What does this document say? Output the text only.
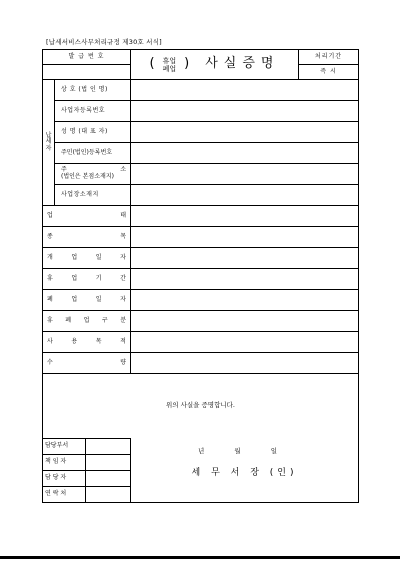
[납세서비스사무처리규정 제30호 서식]
발 급 번 호	
( 휴업
폐업 ) 사실증명
	처리기간
	즉 시
납
세
자	상 호 (법 인 명)	
사업자등록번호	
성 명 (대 표 자)	
주민(법인)등록번호	

주	소
(법인은 본점소재지)

사업장소재지	

업	태

종	목

개	업	일	자

휴	업	기	간

폐	업	일	자

휴 폐 업 구 분

사	용	목	적

수	량

위의 사실을 증명합니다.

담당부서	
책 임 자	
담 당 자	
연 락 처	
년 월 일
세 무 서 장 (인)
